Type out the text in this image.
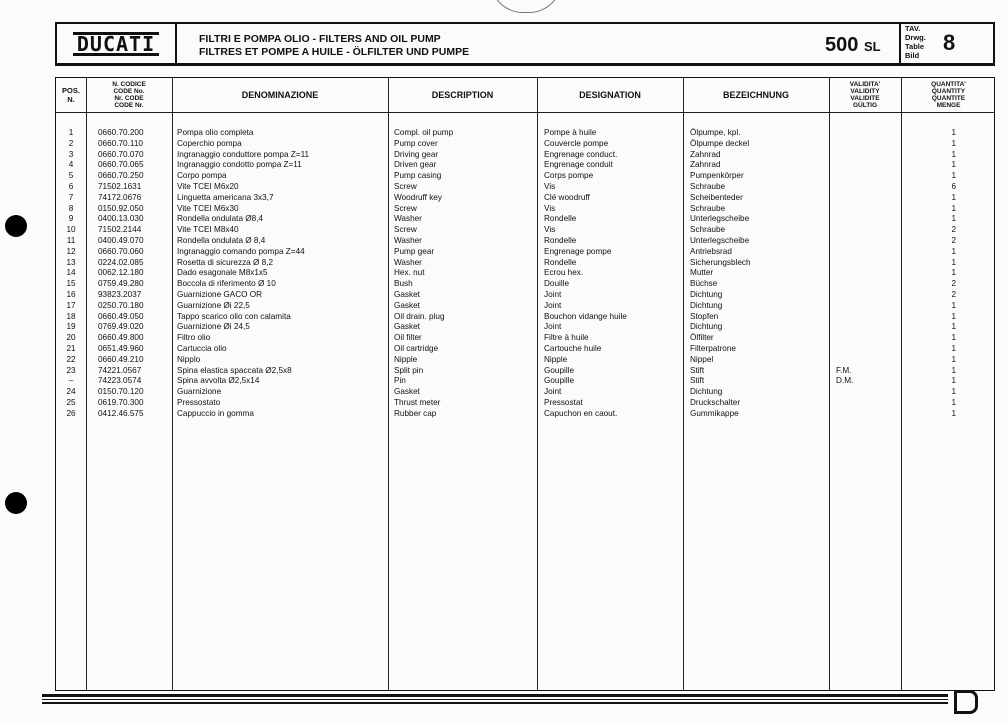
DUCATI	FILTRI E POMPA OLIO - FILTERS AND OIL PUMP
FILTRES ET POMPE A HUILE - ÖLFILTER UND PUMPE	500 SL
TAV.
Drwg.
Table
Bild
8
POS.
N.
N. CODICE
CODE No.
Nr. CODE
CODE Nr.
DENOMINAZIONE	DESCRIPTION	DESIGNATION	BEZEICHNUNG
VALIDITA'
VALIDITY
VALIDITE
GÜLTIG
QUANTITA'
QUANTITY
QUANTITE
MENGE
1	0660.70.200	Pompa olio completa	Compl. oil pump	Pompe à huile	Ölpumpe, kpl.	1
2	0660.70.110	Coperchio pompa	Pump cover	Couvercle pompe	Ölpumpe deckel	1
3	0660.70.070	Ingranaggio conduttore pompa Z=11	Driving gear	Engrenage conduct.	Zahnrad	1
4	0660.70.065	Ingranaggio condotto pompa Z=11	Driven gear	Engrenage conduit	Zahnrad	1
5	0660.70.250	Corpo pompa	Pump casing	Corps pompe	Pumpenkörper	1
6	71502.1631	Vite TCEI M6x20	Screw	Vis	Schraube	6
7	74172.0676	Linguetta americana 3x3,7	Woodruff key	Clé woodruff	Scheibenteder	1
8	0150.92.050	Vite TCEI M6x30	Screw	Vis	Schraube	1
9	0400.13.030	Rondella ondulata Ø8,4	Washer	Rondelle	Unterlegscheibe	1
10	71502.2144	Vite TCEI M8x40	Screw	Vis	Schraube	2
11	0400.49.070	Rondella ondulata Ø 8,4	Washer	Rondelle	Unterlegscheibe	2
12	0660.70.060	Ingranaggio comando pompa Z=44	Pump gear	Engrenage pompe	Antriebsrad	1
13	0224.02.085	Rosetta di sicurezza Ø 8,2	Washer	Rondelle	Sicherungsblech	1
14	0062.12.180	Dado esagonale M8x1x5	Hex. nut	Ecrou hex.	Mutter	1
15	0759.49.280	Boccola di riferimento Ø 10	Bush	Douille	Büchse	2
16	93823.2037	Guarnizione GACO OR	Gasket	Joint	Dichtung	2
17	0250.70.180	Guarnizione Øi 22,5	Gasket	Joint	Dichtung	1
18	0660.49.050	Tappo scarico olio con calamita	Oil drain. plug	Bouchon vidange huile	Stopfen	1
19	0769.49.020	Guarnizione Øi 24,5	Gasket	Joint	Dichtung	1
20	0660.49.800	Filtro olio	Oil filter	Filtre à huile	Ölfilter	1
21	0651.49.960	Cartuccia olio	Oil cartridge	Cartouche huile	Filterpatrone	1
22	0660.49.210	Nipplo	Nipple	Nipple	Nippel	1
23	74221.0567	Spina elastica spaccata Ø2,5x8	Split pin	Goupille	Stift	F.M.	1
–	74223.0574	Spina avvolta Ø2,5x14	Pin	Goupille	Stift	D.M.	1
24	0150.70.120	Guarnizione	Gasket	Joint	Dichtung	1
25	0619.70.300	Pressostato	Thrust meter	Pressostat	Druckschalter	1
26	0412.46.575	Cappuccio in gomma	Rubber cap	Capuchon en caout.	Gummikappe	1
